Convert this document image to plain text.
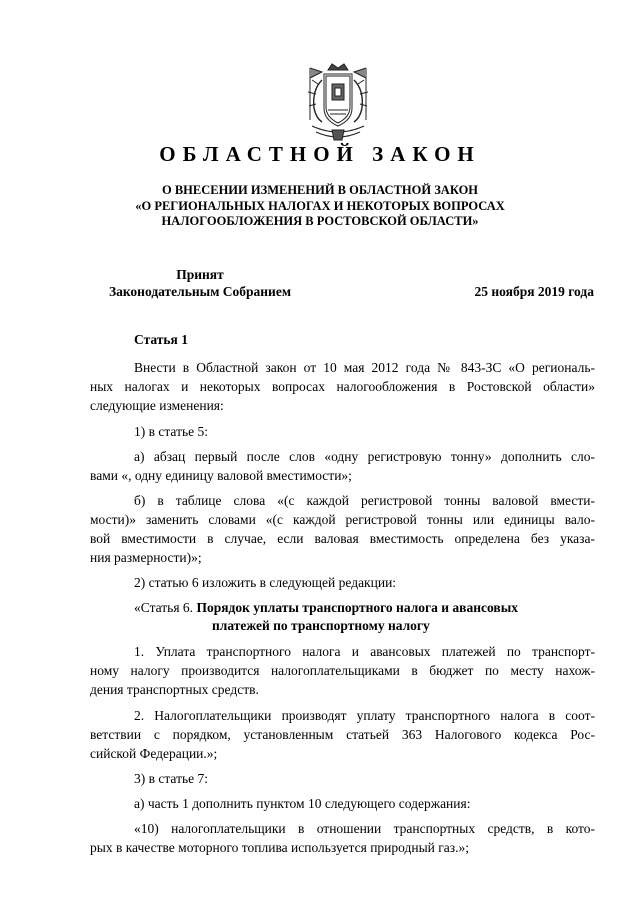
ОБЛАСТНОЙ ЗАКОН
О ВНЕСЕНИИ ИЗМЕНЕНИЙ В ОБЛАСТНОЙ ЗАКОН
«О РЕГИОНАЛЬНЫХ НАЛОГАХ И НЕКОТОРЫХ ВОПРОСАХ
НАЛОГООБЛОЖЕНИЯ В РОСТОВСКОЙ ОБЛАСТИ»
Принят
Законодательным Собранием	25 ноября 2019 года
Статья 1
Внести в Областной закон от 10 мая 2012 года № 843-ЗС «О региональ-
ных налогах и некоторых вопросах налогообложения в Ростовской области»
следующие изменения:
1) в статье 5:
а) абзац первый после слов «одну регистровую тонну» дополнить сло-
вами «, одну единицу валовой вместимости»;
б) в таблице слова «(с каждой регистровой тонны валовой вмести-
мости)» заменить словами «(с каждой регистровой тонны или единицы вало-
вой вместимости в случае, если валовая вместимость определена без указа-
ния размерности)»;
2) статью 6 изложить в следующей редакции:
«Статья 6. Порядок уплаты транспортного налога и авансовых
платежей по транспортному налогу
1. Уплата транспортного налога и авансовых платежей по транспорт-
ному налогу производится налогоплательщиками в бюджет по месту нахож-
дения транспортных средств.
2. Налогоплательщики производят уплату транспортного налога в соот-
ветствии с порядком, установленным статьей 363 Налогового кодекса Рос-
сийской Федерации.»;
3) в статье 7:
а) часть 1 дополнить пунктом 10 следующего содержания:
«10) налогоплательщики в отношении транспортных средств, в кото-
рых в качестве моторного топлива используется природный газ.»;
